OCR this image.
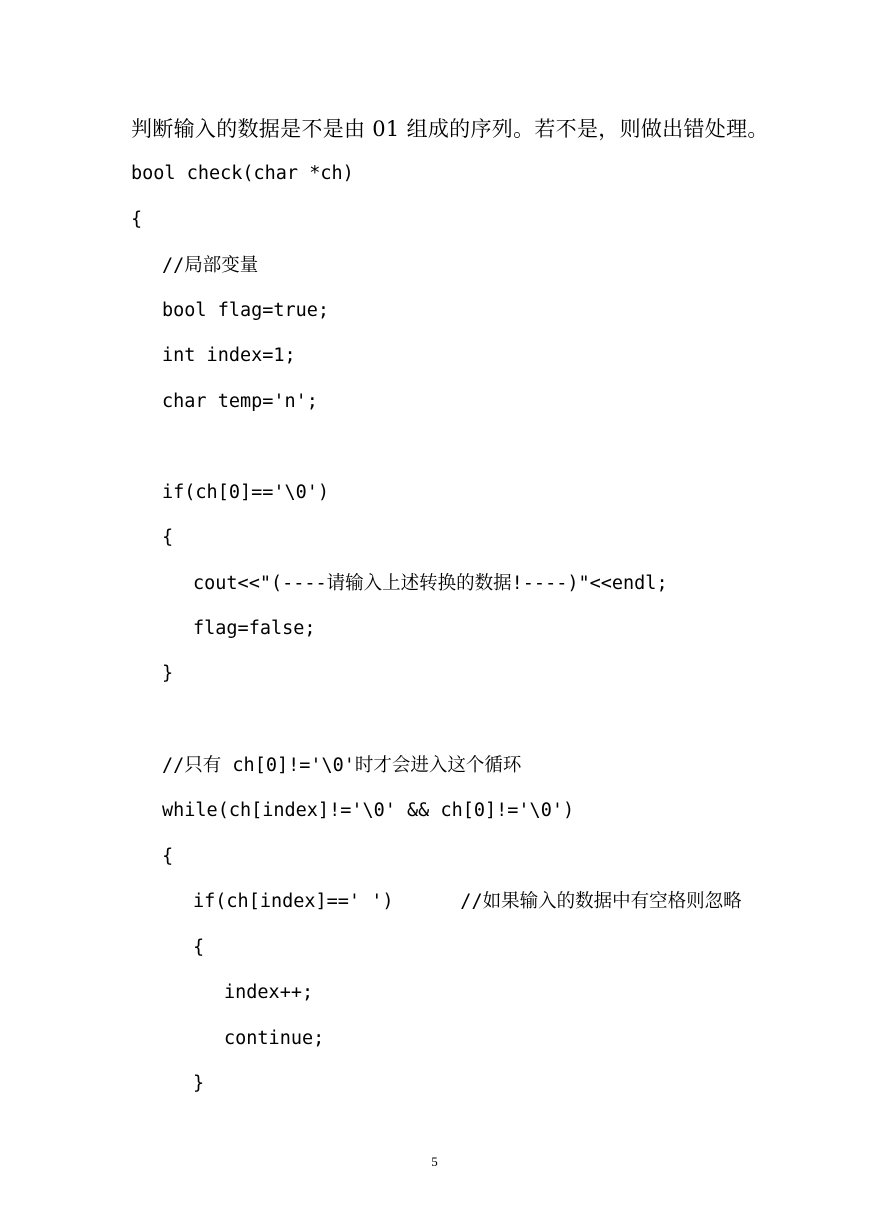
判断输入的数据是不是由 01 组成的序列。若不是，则做出错处理。
bool check(char *ch)
{
//局部变量
bool flag=true;
int index=1;
char temp='n';
if(ch[0]=='\0')
{
cout<<"(----请输入上述转换的数据!----)"<<endl;
flag=false;
}
//只有 ch[0]!='\0'时才会进入这个循环
while(ch[index]!='\0' && ch[0]!='\0')
{
if(ch[index]==' ')      //如果输入的数据中有空格则忽略
{
index++;
continue;
}
5
